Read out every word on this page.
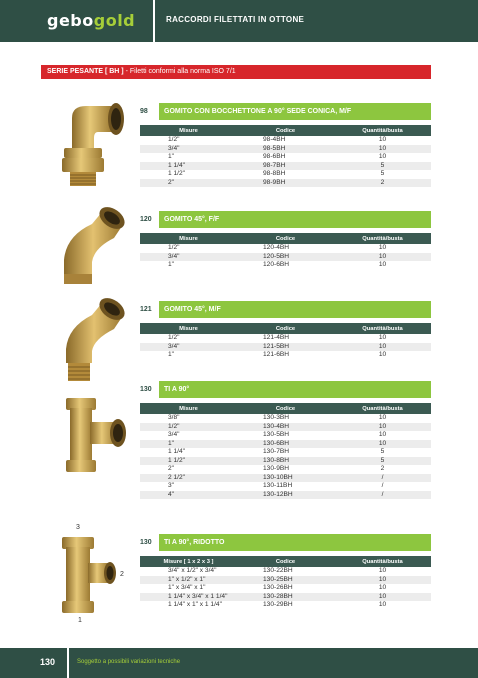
gebogold	RACCORDI FILETTATI IN OTTONE
SERIE PESANTE [ BH ] - Filetti conformi alla norma ISO 7/1
98	GOMITO CON BOCCHETTONE A 90° SEDE CONICA, M/F
Misure	Codice	Quantità/busta
1/2"	98-4BH	10
3/4"	98-5BH	10
1"	98-6BH	10
1 1/4"	98-7BH	5
1 1/2"	98-8BH	5
2"	98-9BH	2
120	GOMITO 45°, F/F
Misure	Codice	Quantità/busta
1/2"	120-4BH	10
3/4"	120-5BH	10
1"	120-6BH	10
121	GOMITO 45°, M/F
Misure	Codice	Quantità/busta
1/2"	121-4BH	10
3/4"	121-5BH	10
1"	121-6BH	10
130	TI A 90°
Misure	Codice	Quantità/busta
3/8"	130-3BH	10
1/2"	130-4BH	10
3/4"	130-5BH	10
1"	130-6BH	10
1 1/4"	130-7BH	5
1 1/2"	130-8BH	5
2"	130-9BH	2
2 1/2"	130-10BH	/
3"	130-11BH	/
4"	130-12BH	/
130	TI A 90°, RIDOTTO
Misure [ 1 x 2 x 3 ]	Codice	Quantità/busta
3/4" x 1/2" x 3/4"	130-22BH	10
1" x 1/2" x 1"	130-25BH	10
1" x 3/4" x 1"	130-26BH	10
1 1/4" x 3/4" x 1 1/4"	130-28BH	10
1 1/4" x 1" x 1 1/4"	130-29BH	10
3
2
1
130	Soggetto a possibili variazioni tecniche
